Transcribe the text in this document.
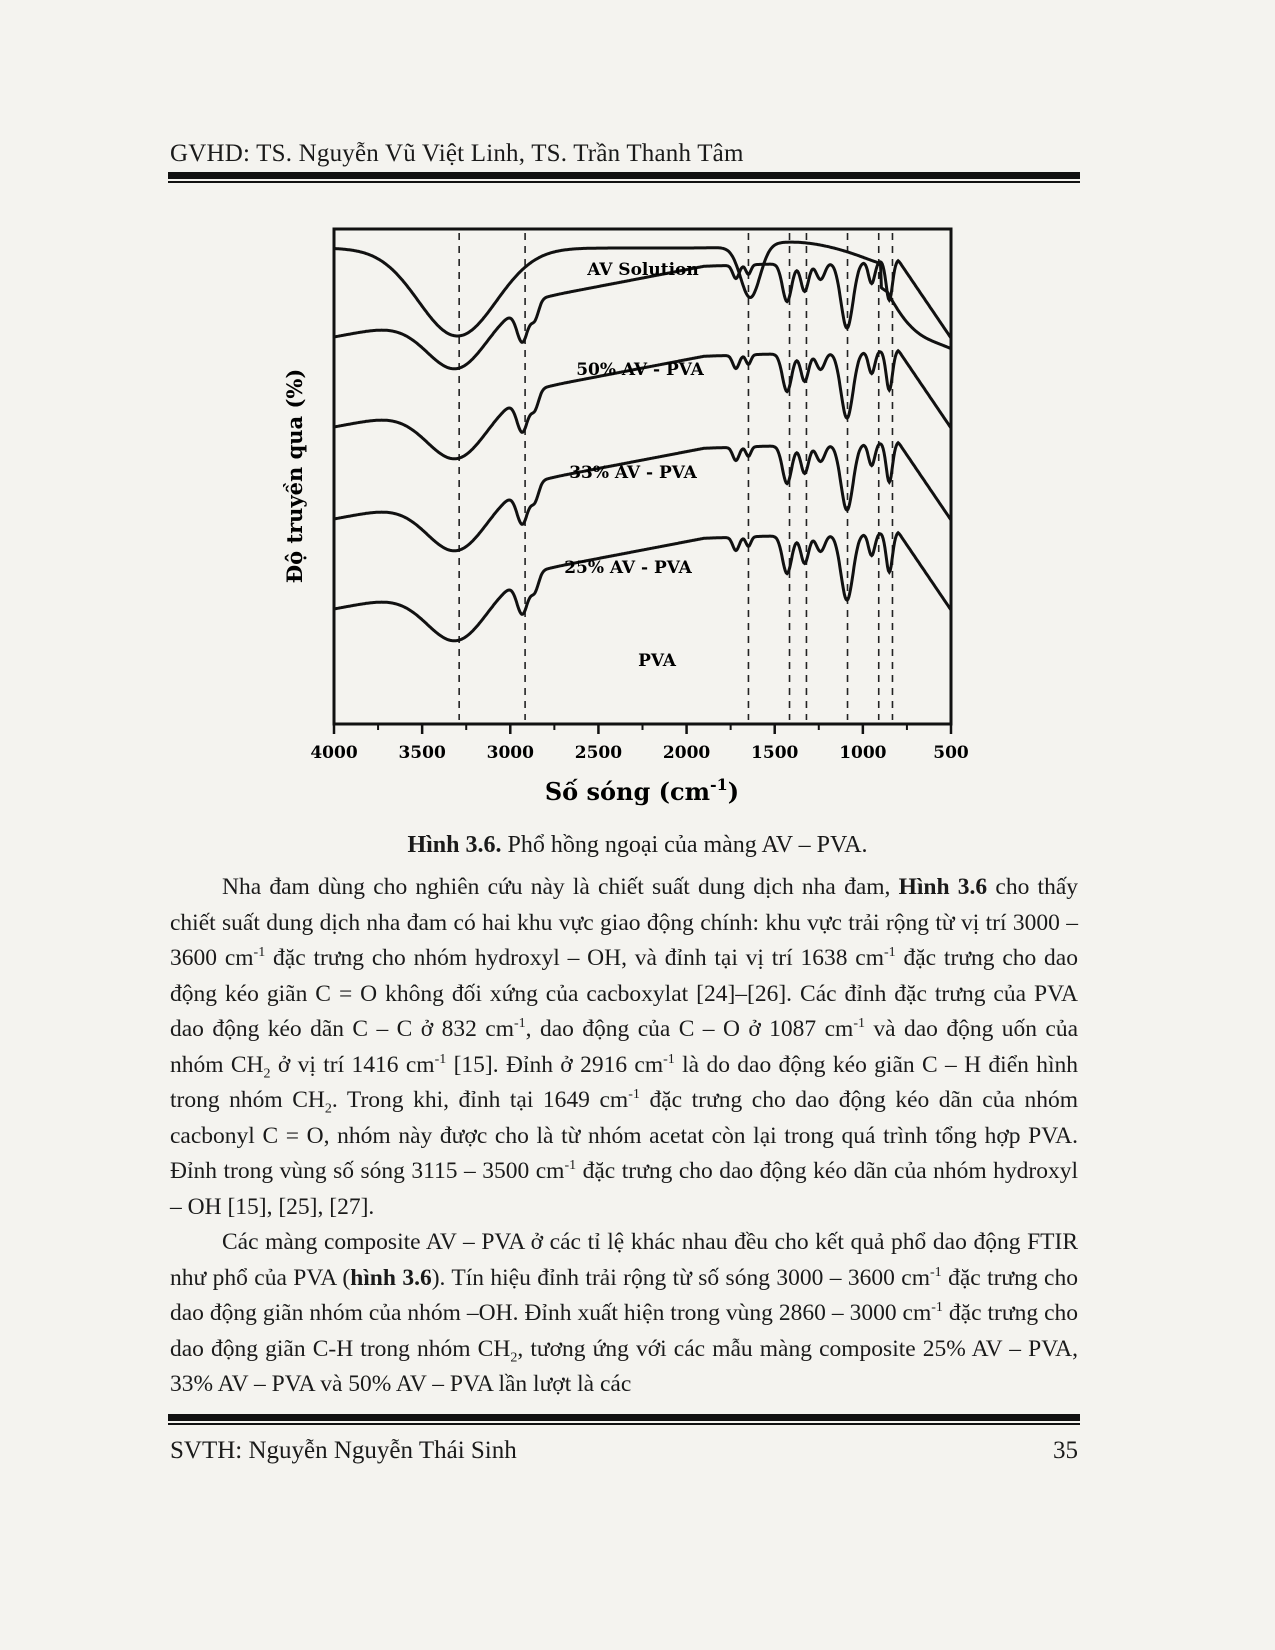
GVHD: TS. Nguyễn Vũ Việt Linh, TS. Trần Thanh Tâm
AV Solution
50% AV - PVA
33% AV - PVA
25% AV - PVA
PVA
4000 3500 3000 2500 2000 1500 1000	500
Độ truyền qua (%)
Số sóng $(cm^{-1})$
Hình 3.6. Phổ hồng ngoại của màng AV – PVA.

Nha đam dùng cho nghiên cứu này là chiết suất dung dịch nha đam, Hình 3.6 cho thấy chiết suất dung dịch nha đam có hai khu vực giao động chính: khu vực trải rộng từ vị trí 3000 – 3600 $cm^{-1}$ đặc trưng cho nhóm hydroxyl – OH, và đỉnh tại vị trí 1638 $cm^{-1}$ đặc trưng cho dao động kéo giãn C = O không đối xứng của cacboxylat [24]–[26]. Các đỉnh đặc trưng của PVA dao động kéo dãn C – C ở 832 $cm^{-1}$, dao động của C – O ở 1087 $cm^{-1}$ và dao động uốn của nhóm $CH_2$ ở vị trí 1416 $cm^{-1}$ [15]. Đỉnh ở 2916 $cm^{-1}$ là do dao động kéo giãn C – H điển hình trong nhóm $CH_2$. Trong khi, đỉnh tại 1649 $cm^{-1}$ đặc trưng cho dao động kéo dãn của nhóm cacbonyl C = O, nhóm này được cho là từ nhóm acetat còn lại trong quá trình tổng hợp PVA. Đỉnh trong vùng số sóng 3115 – 3500 $cm^{-1}$ đặc trưng cho dao động kéo dãn của nhóm hydroxyl – OH [15], [25], [27].

Các màng composite AV – PVA ở các tỉ lệ khác nhau đều cho kết quả phổ dao động FTIR như phổ của PVA (hình 3.6). Tín hiệu đỉnh trải rộng từ số sóng 3000 – 3600 $cm^{-1}$ đặc trưng cho dao động giãn nhóm của nhóm –OH. Đỉnh xuất hiện trong vùng 2860 – 3000 $cm^{-1}$ đặc trưng cho dao động giãn C-H trong nhóm $CH_2$, tương ứng với các mẫu màng composite 25% AV – PVA, 33% AV – PVA và 50% AV – PVA lần lượt là các

SVTH: Nguyễn Nguyễn Thái Sinh	35
